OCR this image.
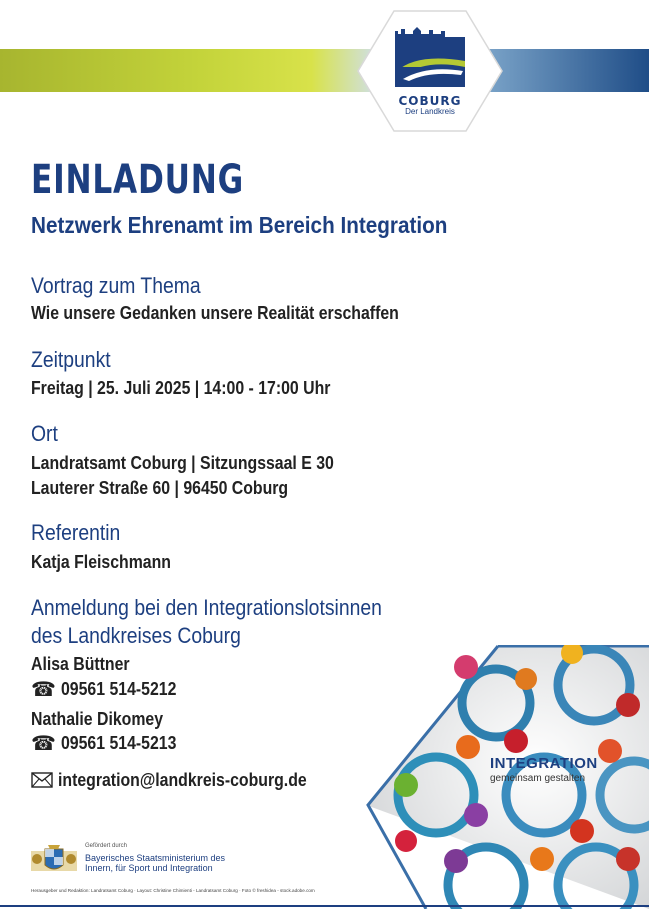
COBURG
Der Landkreis
EINLADUNG
Netzwerk Ehrenamt im Bereich Integration
Vortrag zum Thema
Wie unsere Gedanken unsere Realität erschaffen
Zeitpunkt
Freitag | 25. Juli 2025 | 14:00 - 17:00 Uhr
Ort
Landratsamt Coburg | Sitzungssaal E 30
Lauterer Straße 60 | 96450 Coburg
Referentin
Katja Fleischmann
Anmeldung bei den Integrationslotsinnen
des Landkreises Coburg
Alisa Büttner
☎ 09561 514-5212
Nathalie Dikomey
☎ 09561 514-5213
integration@landkreis-coburg.de
INTEGRATION
gemeinsam gestalten
Gefördert durch
Bayerisches Staatsministerium des
Innern, für Sport und Integration
Herausgeber und Redaktion: Landratsamt Coburg · Layout: Christine Chimienti - Landratsamt Coburg · Foto © freshidea - stock.adobe.com
